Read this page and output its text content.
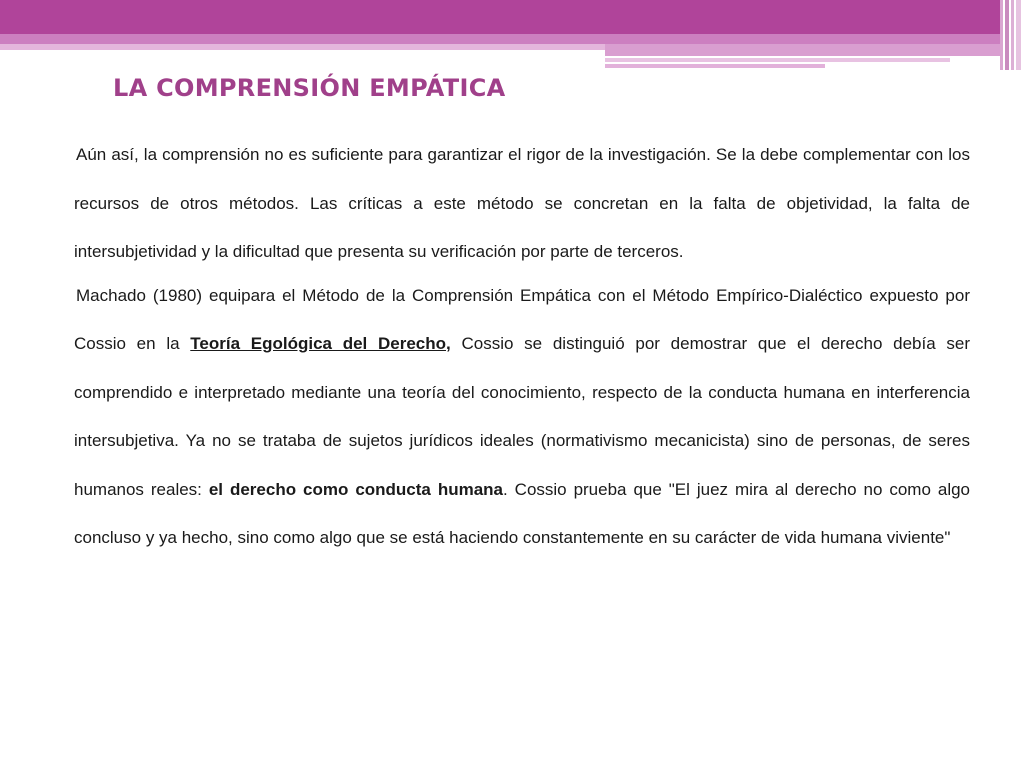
LA COMPRENSIÓN EMPÁTICA

Aún así, la comprensión no es suficiente para garantizar el rigor de la investigación. Se la debe complementar con los recursos de otros métodos. Las críticas a este método se concretan en la falta de objetividad, la falta de intersubjetividad y la dificultad que presenta su verificación por parte de terceros.

Machado (1980) equipara el Método de la Comprensión Empática con el Método Empírico-Dialéctico expuesto por Cossio en la Teoría Egológica del Derecho, Cossio se distinguió por demostrar que el derecho debía ser comprendido e interpretado mediante una teoría del conocimiento, respecto de la conducta humana en interferencia intersubjetiva. Ya no se trataba de sujetos jurídicos ideales (normativismo mecanicista) sino de personas, de seres humanos reales: el derecho como conducta humana. Cossio prueba que "El juez mira al derecho no como algo concluso y ya hecho, sino como algo que se está haciendo constantemente en su carácter de vida humana viviente"
